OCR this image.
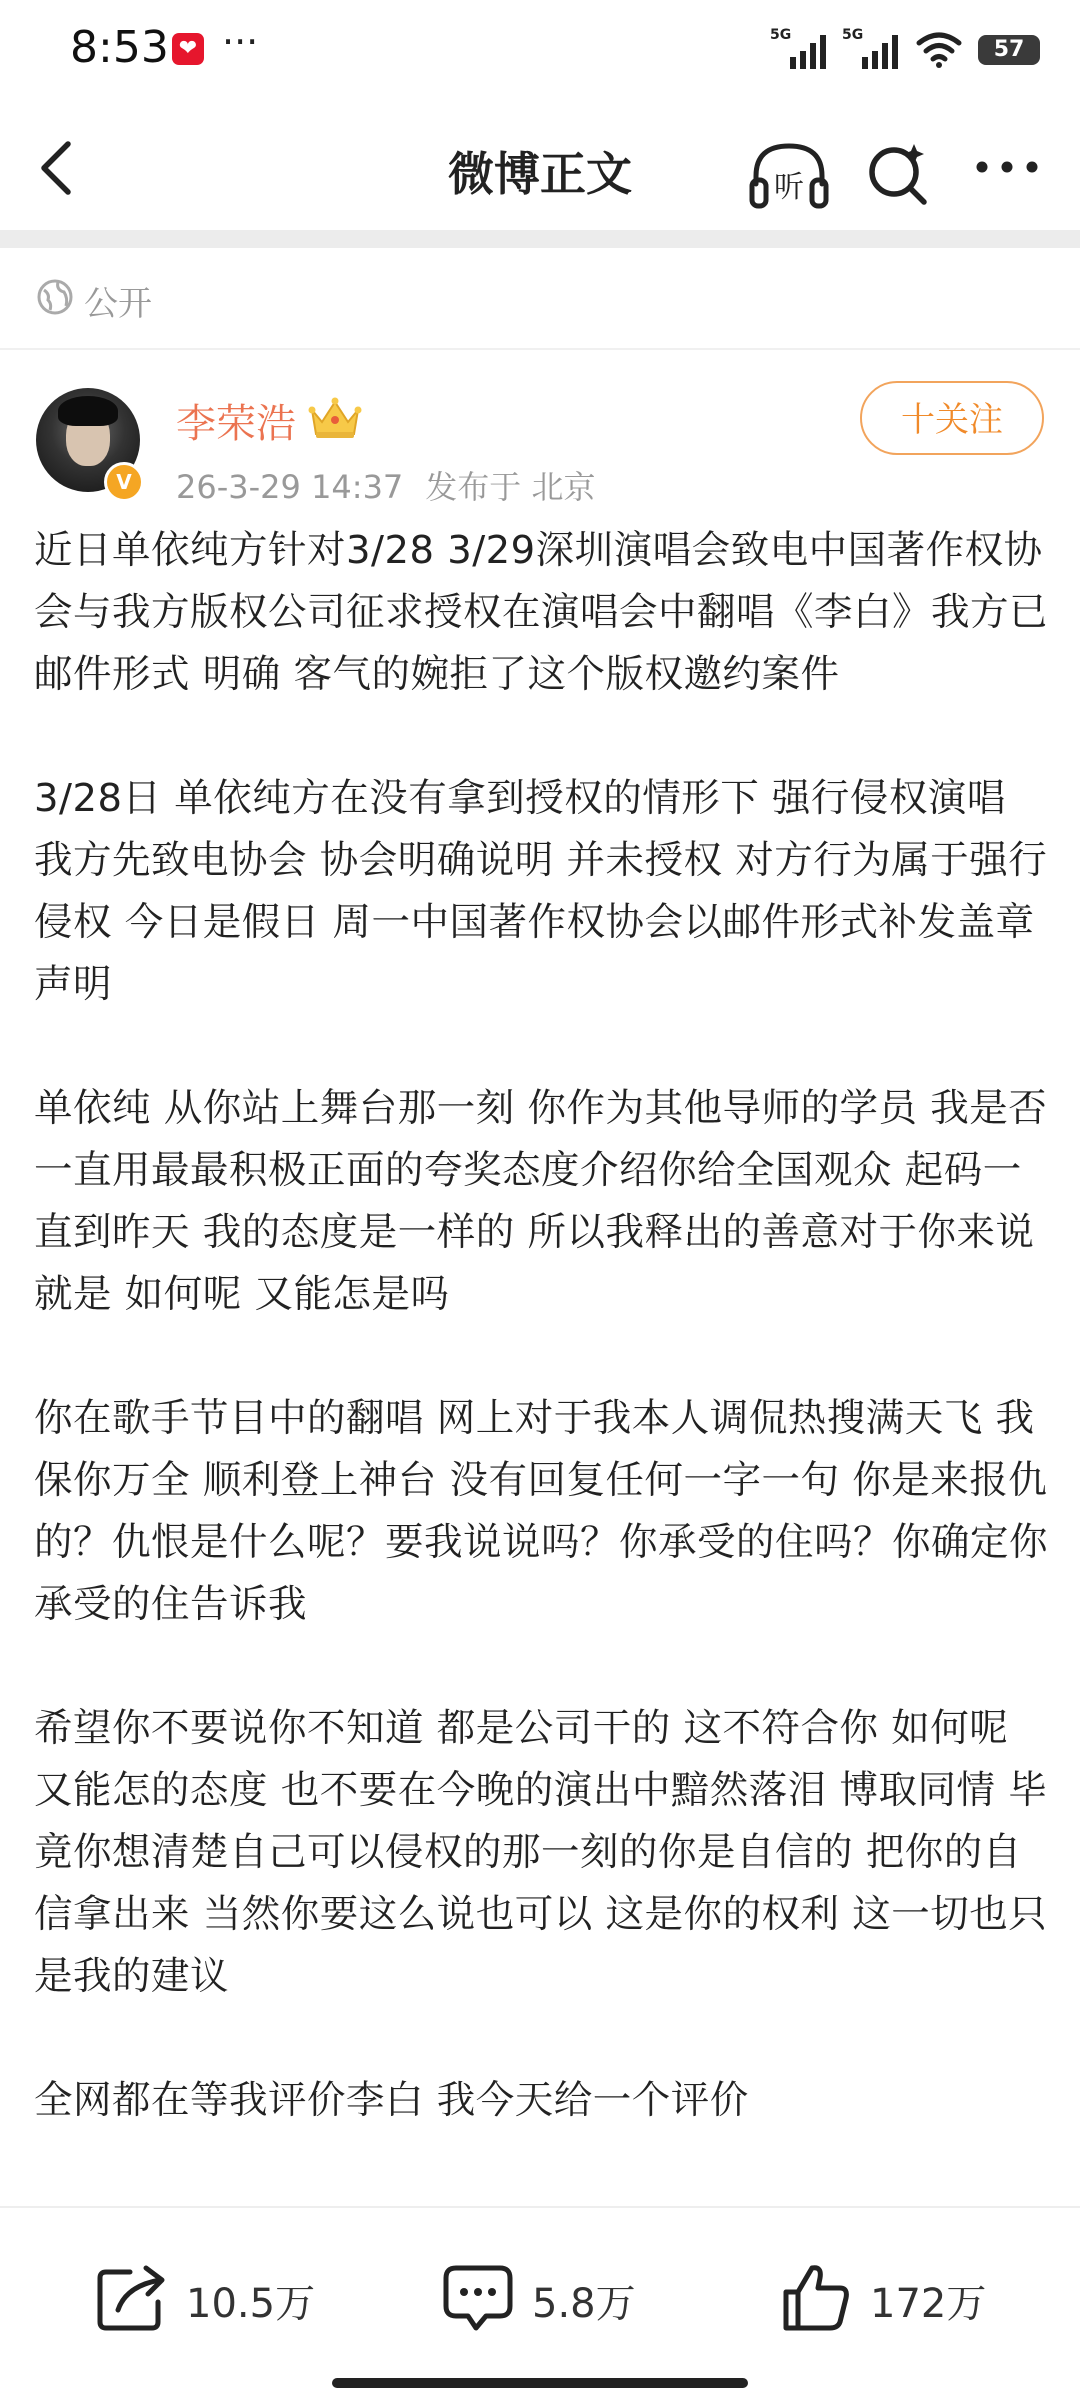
8:53 ❤ ···	5G	5G
57
微博正文	听
公开
V
李荣浩
26-3-29 14:37 发布于 北京
十关注

近日单依纯方针对3/28 3/29深圳演唱会致电中国著作权协会与我方版权公司征求授权在演唱会中翻唱《李白》我方已邮件形式 明确 客气的婉拒了这个版权邀约案件

3/28日 单依纯方在没有拿到授权的情形下 强行侵权演唱 我方先致电协会 协会明确说明 并未授权 对方行为属于强行侵权 今日是假日 周一中国著作权协会以邮件形式补发盖章声明

单依纯 从你站上舞台那一刻 你作为其他导师的学员 我是否一直用最最积极正面的夸奖态度介绍你给全国观众 起码一直到昨天 我的态度是一样的 所以我释出的善意对于你来说 就是 如何呢 又能怎是吗

你在歌手节目中的翻唱 网上对于我本人调侃热搜满天飞 我保你万全 顺利登上神台 没有回复任何一字一句 你是来报仇的？仇恨是什么呢？要我说说吗？你承受的住吗？你确定你承受的住告诉我

希望你不要说你不知道 都是公司干的 这不符合你 如何呢 又能怎的态度 也不要在今晚的演出中黯然落泪 博取同情 毕竟你想清楚自己可以侵权的那一刻的你是自信的 把你的自信拿出来 当然你要这么说也可以 这是你的权利 这一切也只是我的建议

全网都在等我评价李白 我今天给一个评价

10.5万	5.8万	172万
